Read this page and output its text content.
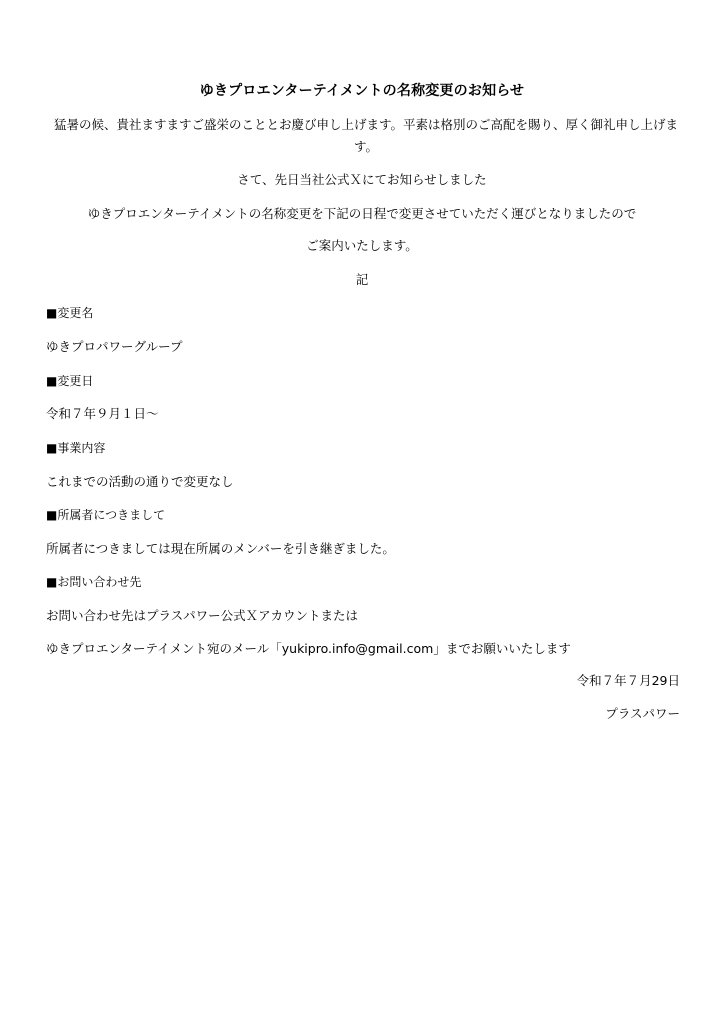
ゆきプロエンターテイメントの名称変更のお知らせ
猛暑の候、貴社ますますご盛栄のこととお慶び申し上げます。平素は格別のご高配を賜り、厚く御礼申し上げます。
さて、先日当社公式Ｘにてお知らせしました
ゆきプロエンターテイメントの名称変更を下記の日程で変更させていただく運びとなりましたので
ご案内いたします。
記
■変更名
ゆきプロパワーグループ
■変更日
令和７年９月１日～
■事業内容
これまでの活動の通りで変更なし
■所属者につきまして
所属者につきましては現在所属のメンバーを引き継ぎました。
■お問い合わせ先
お問い合わせ先はプラスパワー公式Ｘアカウントまたは
ゆきプロエンターテイメント宛のメール「yukipro.info@gmail.com」までお願いいたします
令和７年７月29日
プラスパワー
